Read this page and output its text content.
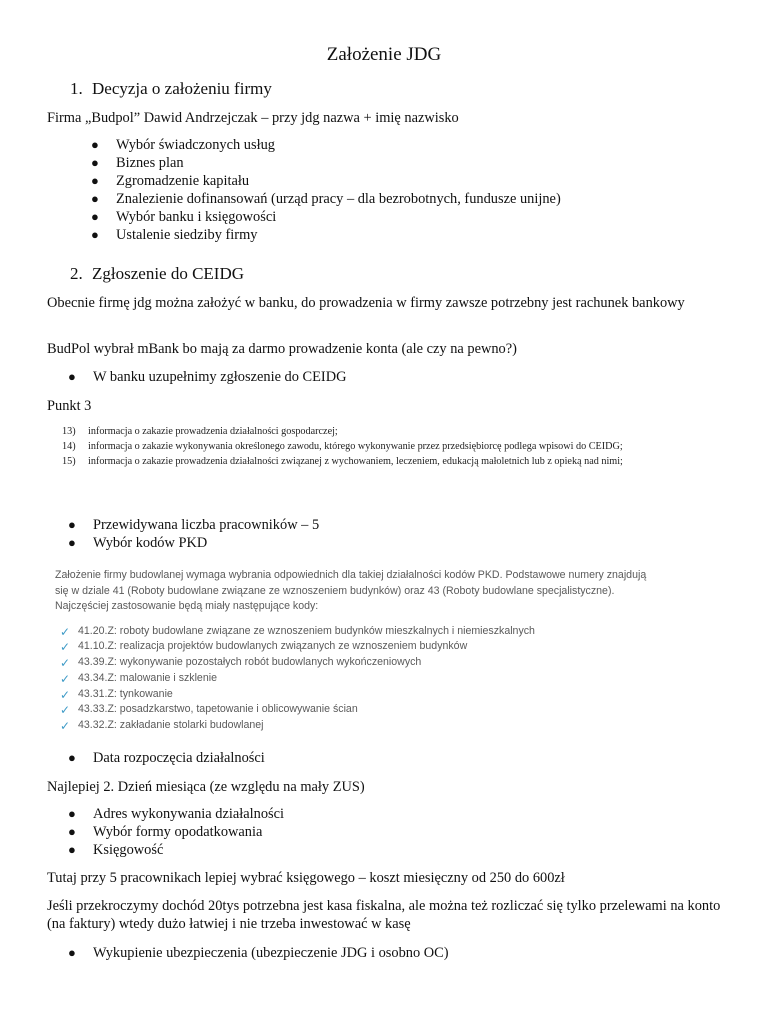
Założenie JDG
1. Decyzja o założeniu firmy
Firma „Budpol” Dawid Andrzejczak – przy jdg nazwa + imię nazwisko
● Wybór świadczonych usług
● Biznes plan
● Zgromadzenie kapitału
● Znalezienie dofinansowań (urząd pracy – dla bezrobotnych, fundusze unijne)
● Wybór banku i księgowości
● Ustalenie siedziby firmy
2. Zgłoszenie do CEIDG
Obecnie firmę jdg można założyć w banku, do prowadzenia w firmy zawsze potrzebny jest rachunek bankowy
BudPol wybrał mBank bo mają za darmo prowadzenie konta (ale czy na pewno?)
● W banku uzupełnimy zgłoszenie do CEIDG
Punkt 3
13) informacja o zakazie prowadzenia działalności gospodarczej;
14) informacja o zakazie wykonywania określonego zawodu, którego wykonywanie przez przedsiębiorcę podlega wpisowi do CEIDG;
15) informacja o zakazie prowadzenia działalności związanej z wychowaniem, leczeniem, edukacją małoletnich lub z opieką nad nimi;
● Przewidywana liczba pracowników – 5
● Wybór kodów PKD
Założenie firmy budowlanej wymaga wybrania odpowiednich dla takiej działalności kodów PKD. Podstawowe numery znajdują się w dziale 41 (Roboty budowlane związane ze wznoszeniem budynków) oraz 43 (Roboty budowlane specjalistyczne). Najczęściej zastosowanie będą miały następujące kody:
✓ 41.20.Z: roboty budowlane związane ze wznoszeniem budynków mieszkalnych i niemieszkalnych
✓ 41.10.Z: realizacja projektów budowlanych związanych ze wznoszeniem budynków
✓ 43.39.Z: wykonywanie pozostałych robót budowlanych wykończeniowych
✓ 43.34.Z: malowanie i szklenie
✓ 43.31.Z: tynkowanie
✓ 43.33.Z: posadzkarstwo, tapetowanie i oblicowywanie ścian
✓ 43.32.Z: zakładanie stolarki budowlanej
● Data rozpoczęcia działalności
Najlepiej 2. Dzień miesiąca (ze względu na mały ZUS)
● Adres wykonywania działalności
● Wybór formy opodatkowania
● Księgowość
Tutaj przy 5 pracownikach lepiej wybrać księgowego – koszt miesięczny od 250 do 600zł
Jeśli przekroczymy dochód 20tys potrzebna jest kasa fiskalna, ale można też rozliczać się tylko przelewami na konto (na faktury) wtedy dużo łatwiej i nie trzeba inwestować w kasę
● Wykupienie ubezpieczenia (ubezpieczenie JDG i osobno OC)
